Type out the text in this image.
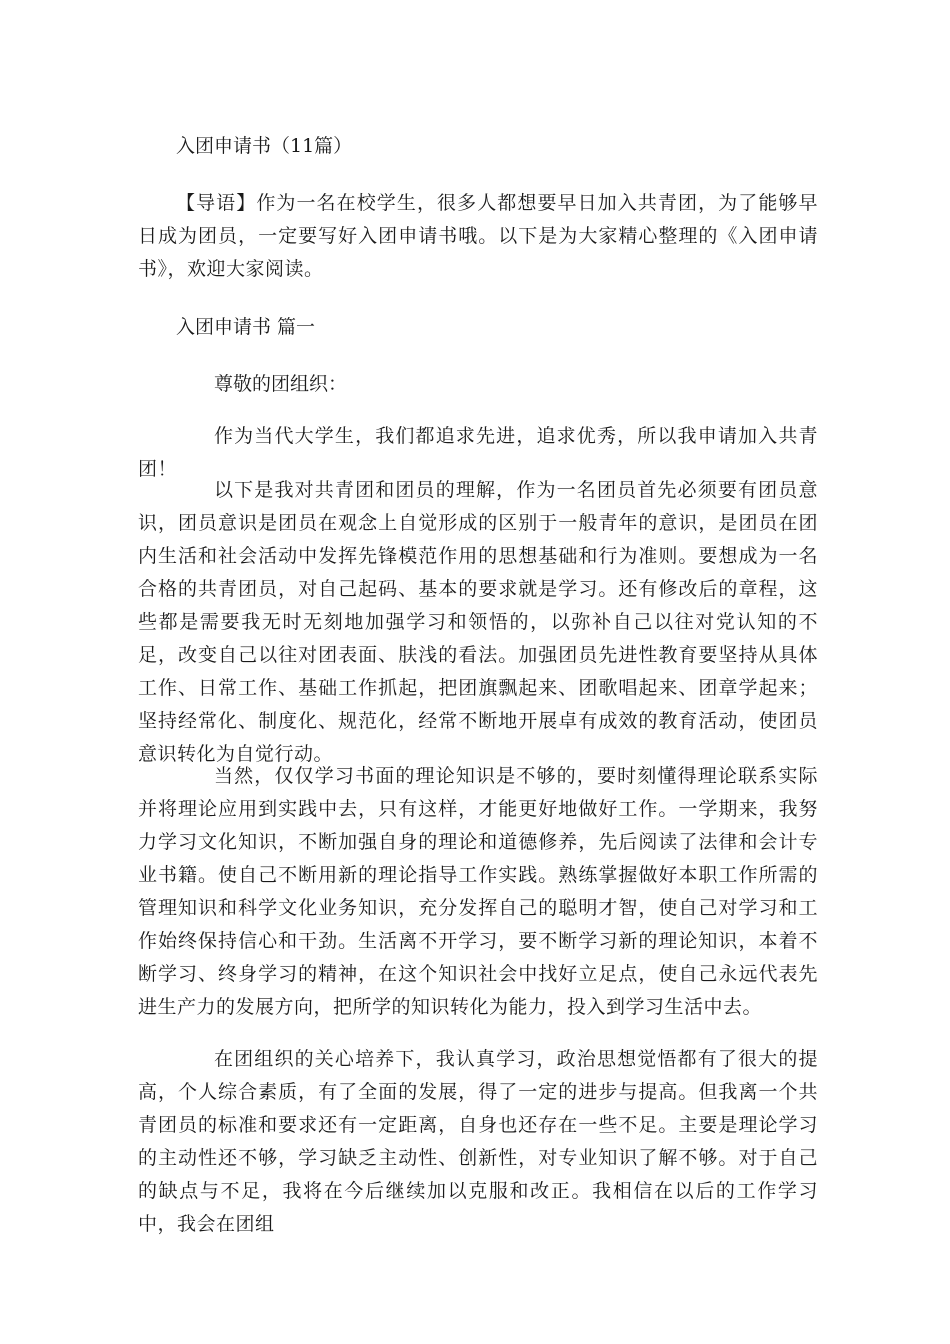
入团申请书（11篇）

【导语】作为一名在校学生，很多人都想要早日加入共青团，为了能够早日成为团员，一定要写好入团申请书哦。以下是为大家精心整理的《入团申请书》，欢迎大家阅读。

入团申请书 篇一

尊敬的团组织：

作为当代大学生，我们都追求先进，追求优秀，所以我申请加入共青团！

以下是我对共青团和团员的理解，作为一名团员首先必须要有团员意识，团员意识是团员在观念上自觉形成的区别于一般青年的意识，是团员在团内生活和社会活动中发挥先锋模范作用的思想基础和行为准则。要想成为一名合格的共青团员，对自己起码、基本的要求就是学习。还有修改后的章程，这些都是需要我无时无刻地加强学习和领悟的，以弥补自己以往对党认知的不足，改变自己以往对团表面、肤浅的看法。加强团员先进性教育要坚持从具体工作、日常工作、基础工作抓起，把团旗飘起来、团歌唱起来、团章学起来；坚持经常化、制度化、规范化，经常不断地开展卓有成效的教育活动，使团员意识转化为自觉行动。

当然，仅仅学习书面的理论知识是不够的，要时刻懂得理论联系实际并将理论应用到实践中去，只有这样，才能更好地做好工作。一学期来，我努力学习文化知识，不断加强自身的理论和道德修养，先后阅读了法律和会计专业书籍。使自己不断用新的理论指导工作实践。熟练掌握做好本职工作所需的管理知识和科学文化业务知识，充分发挥自己的聪明才智，使自己对学习和工作始终保持信心和干劲。生活离不开学习，要不断学习新的理论知识，本着不断学习、终身学习的精神，在这个知识社会中找好立足点，使自己永远代表先进生产力的发展方向，把所学的知识转化为能力，投入到学习生活中去。

在团组织的关心培养下，我认真学习，政治思想觉悟都有了很大的提高，个人综合素质，有了全面的发展，得了一定的进步与提高。但我离一个共青团员的标准和要求还有一定距离，自身也还存在一些不足。主要是理论学习的主动性还不够，学习缺乏主动性、创新性，对专业知识了解不够。对于自己的缺点与不足，我将在今后继续加以克服和改正。我相信在以后的工作学习中，我会在团组
